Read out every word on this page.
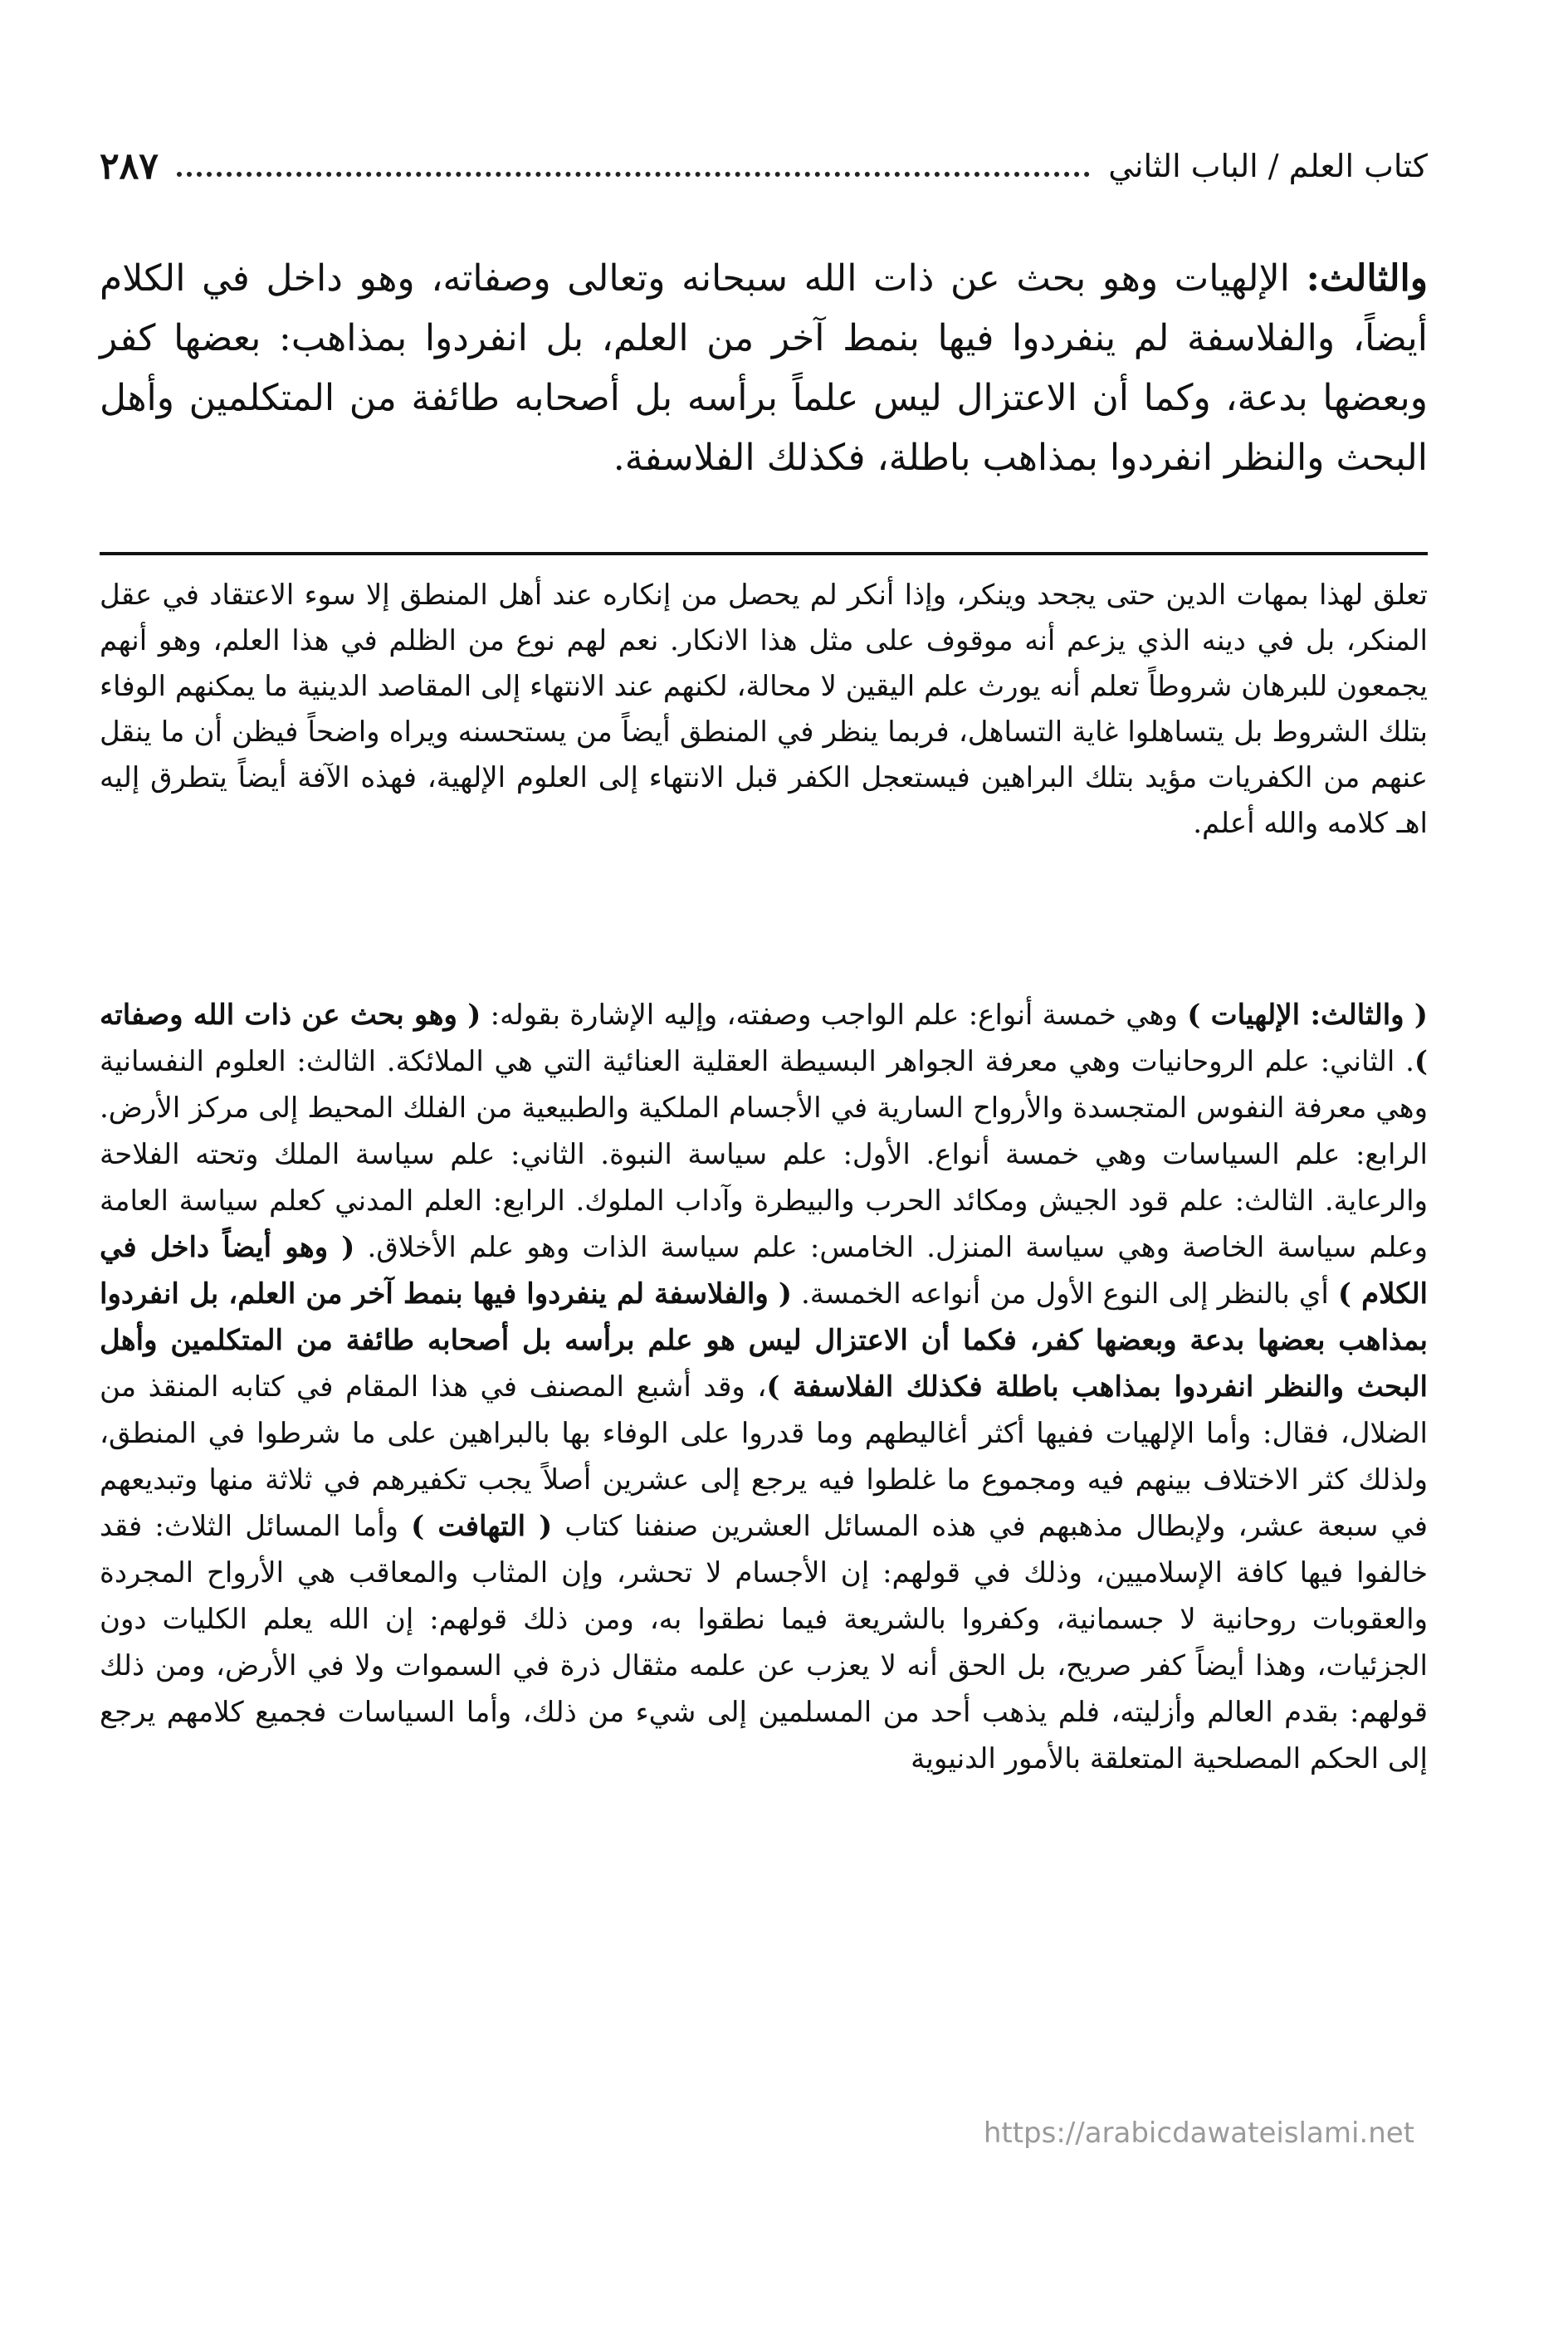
كتاب العلم / الباب الثاني
٢٨٧
والثالث: الإلهيات وهو بحث عن ذات الله سبحانه وتعالى وصفاته، وهو داخل في الكلام أيضاً، والفلاسفة لم ينفردوا فيها بنمط آخر من العلم، بل انفردوا بمذاهب: بعضها كفر وبعضها بدعة، وكما أن الاعتزال ليس علماً برأسه بل أصحابه طائفة من المتكلمين وأهل البحث والنظر انفردوا بمذاهب باطلة، فكذلك الفلاسفة.
تعلق لهذا بمهات الدين حتى يجحد وينكر، وإذا أنكر لم يحصل من إنكاره عند أهل المنطق إلا سوء الاعتقاد في عقل المنكر، بل في دينه الذي يزعم أنه موقوف على مثل هذا الانكار. نعم لهم نوع من الظلم في هذا العلم، وهو أنهم يجمعون للبرهان شروطاً تعلم أنه يورث علم اليقين لا محالة، لكنهم عند الانتهاء إلى المقاصد الدينية ما يمكنهم الوفاء بتلك الشروط بل يتساهلوا غاية التساهل، فربما ينظر في المنطق أيضاً من يستحسنه ويراه واضحاً فيظن أن ما ينقل عنهم من الكفريات مؤيد بتلك البراهين فيستعجل الكفر قبل الانتهاء إلى العلوم الإلهية، فهذه الآفة أيضاً يتطرق إليه اهـ كلامه والله أعلم.
( والثالث: الإلهيات ) وهي خمسة أنواع: علم الواجب وصفته، وإليه الإشارة بقوله: ( وهو بحث عن ذات الله وصفاته ). الثاني: علم الروحانيات وهي معرفة الجواهر البسيطة العقلية العنائية التي هي الملائكة. الثالث: العلوم النفسانية وهي معرفة النفوس المتجسدة والأرواح السارية في الأجسام الملكية والطبيعية من الفلك المحيط إلى مركز الأرض. الرابع: علم السياسات وهي خمسة أنواع. الأول: علم سياسة النبوة. الثاني: علم سياسة الملك وتحته الفلاحة والرعاية. الثالث: علم قود الجيش ومكائد الحرب والبيطرة وآداب الملوك. الرابع: العلم المدني كعلم سياسة العامة وعلم سياسة الخاصة وهي سياسة المنزل. الخامس: علم سياسة الذات وهو علم الأخلاق. ( وهو أيضاً داخل في الكلام ) أي بالنظر إلى النوع الأول من أنواعه الخمسة. ( والفلاسفة لم ينفردوا فيها بنمط آخر من العلم، بل انفردوا بمذاهب بعضها بدعة وبعضها كفر، فكما أن الاعتزال ليس هو علم برأسه بل أصحابه طائفة من المتكلمين وأهل البحث والنظر انفردوا بمذاهب باطلة فكذلك الفلاسفة )، وقد أشبع المصنف في هذا المقام في كتابه المنقذ من الضلال، فقال: وأما الإلهيات ففيها أكثر أغاليطهم وما قدروا على الوفاء بها بالبراهين على ما شرطوا في المنطق، ولذلك كثر الاختلاف بينهم فيه ومجموع ما غلطوا فيه يرجع إلى عشرين أصلاً يجب تكفيرهم في ثلاثة منها وتبديعهم في سبعة عشر، ولإبطال مذهبهم في هذه المسائل العشرين صنفنا كتاب ( التهافت ) وأما المسائل الثلاث: فقد خالفوا فيها كافة الإسلاميين، وذلك في قولهم: إن الأجسام لا تحشر، وإن المثاب والمعاقب هي الأرواح المجردة والعقوبات روحانية لا جسمانية، وكفروا بالشريعة فيما نطقوا به، ومن ذلك قولهم: إن الله يعلم الكليات دون الجزئيات، وهذا أيضاً كفر صريح، بل الحق أنه لا يعزب عن علمه مثقال ذرة في السموات ولا في الأرض، ومن ذلك قولهم: بقدم العالم وأزليته، فلم يذهب أحد من المسلمين إلى شيء من ذلك، وأما السياسات فجميع كلامهم يرجع إلى الحكم المصلحية المتعلقة بالأمور الدنيوية
https://arabicdawateislami.net
